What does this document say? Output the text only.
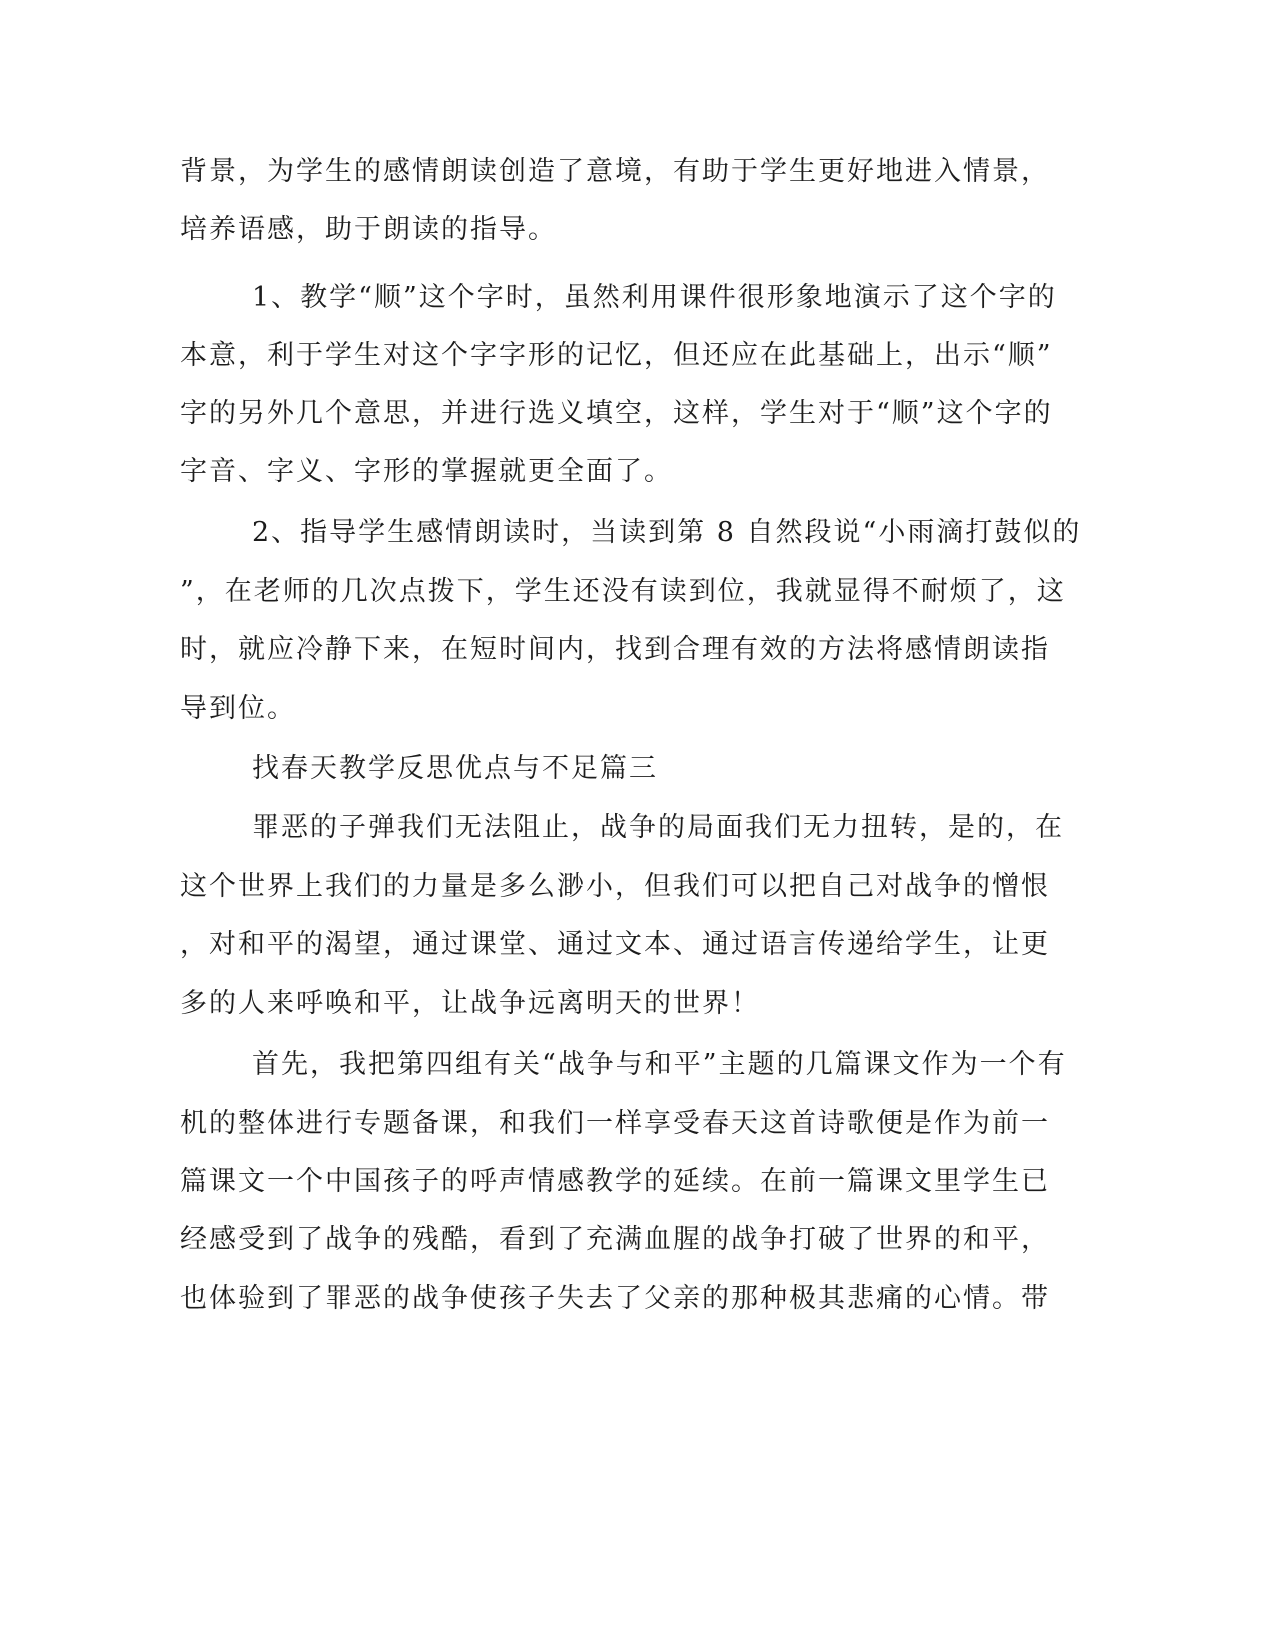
背景，为学生的感情朗读创造了意境，有助于学生更好地进入情景，
培养语感，助于朗读的指导。
1、教学“顺”这个字时，虽然利用课件很形象地演示了这个字的
本意，利于学生对这个字字形的记忆，但还应在此基础上，出示“顺”
字的另外几个意思，并进行选义填空，这样，学生对于“顺”这个字的
字音、字义、字形的掌握就更全面了。
2、指导学生感情朗读时，当读到第 8 自然段说“小雨滴打鼓似的
”，在老师的几次点拨下，学生还没有读到位，我就显得不耐烦了，这
时，就应冷静下来，在短时间内，找到合理有效的方法将感情朗读指
导到位。
找春天教学反思优点与不足篇三
罪恶的子弹我们无法阻止，战争的局面我们无力扭转，是的，在
这个世界上我们的力量是多么渺小，但我们可以把自己对战争的憎恨
，对和平的渴望，通过课堂、通过文本、通过语言传递给学生，让更
多的人来呼唤和平，让战争远离明天的世界！
首先，我把第四组有关“战争与和平”主题的几篇课文作为一个有
机的整体进行专题备课，和我们一样享受春天这首诗歌便是作为前一
篇课文一个中国孩子的呼声情感教学的延续。在前一篇课文里学生已
经感受到了战争的残酷，看到了充满血腥的战争打破了世界的和平，
也体验到了罪恶的战争使孩子失去了父亲的那种极其悲痛的心情。带
